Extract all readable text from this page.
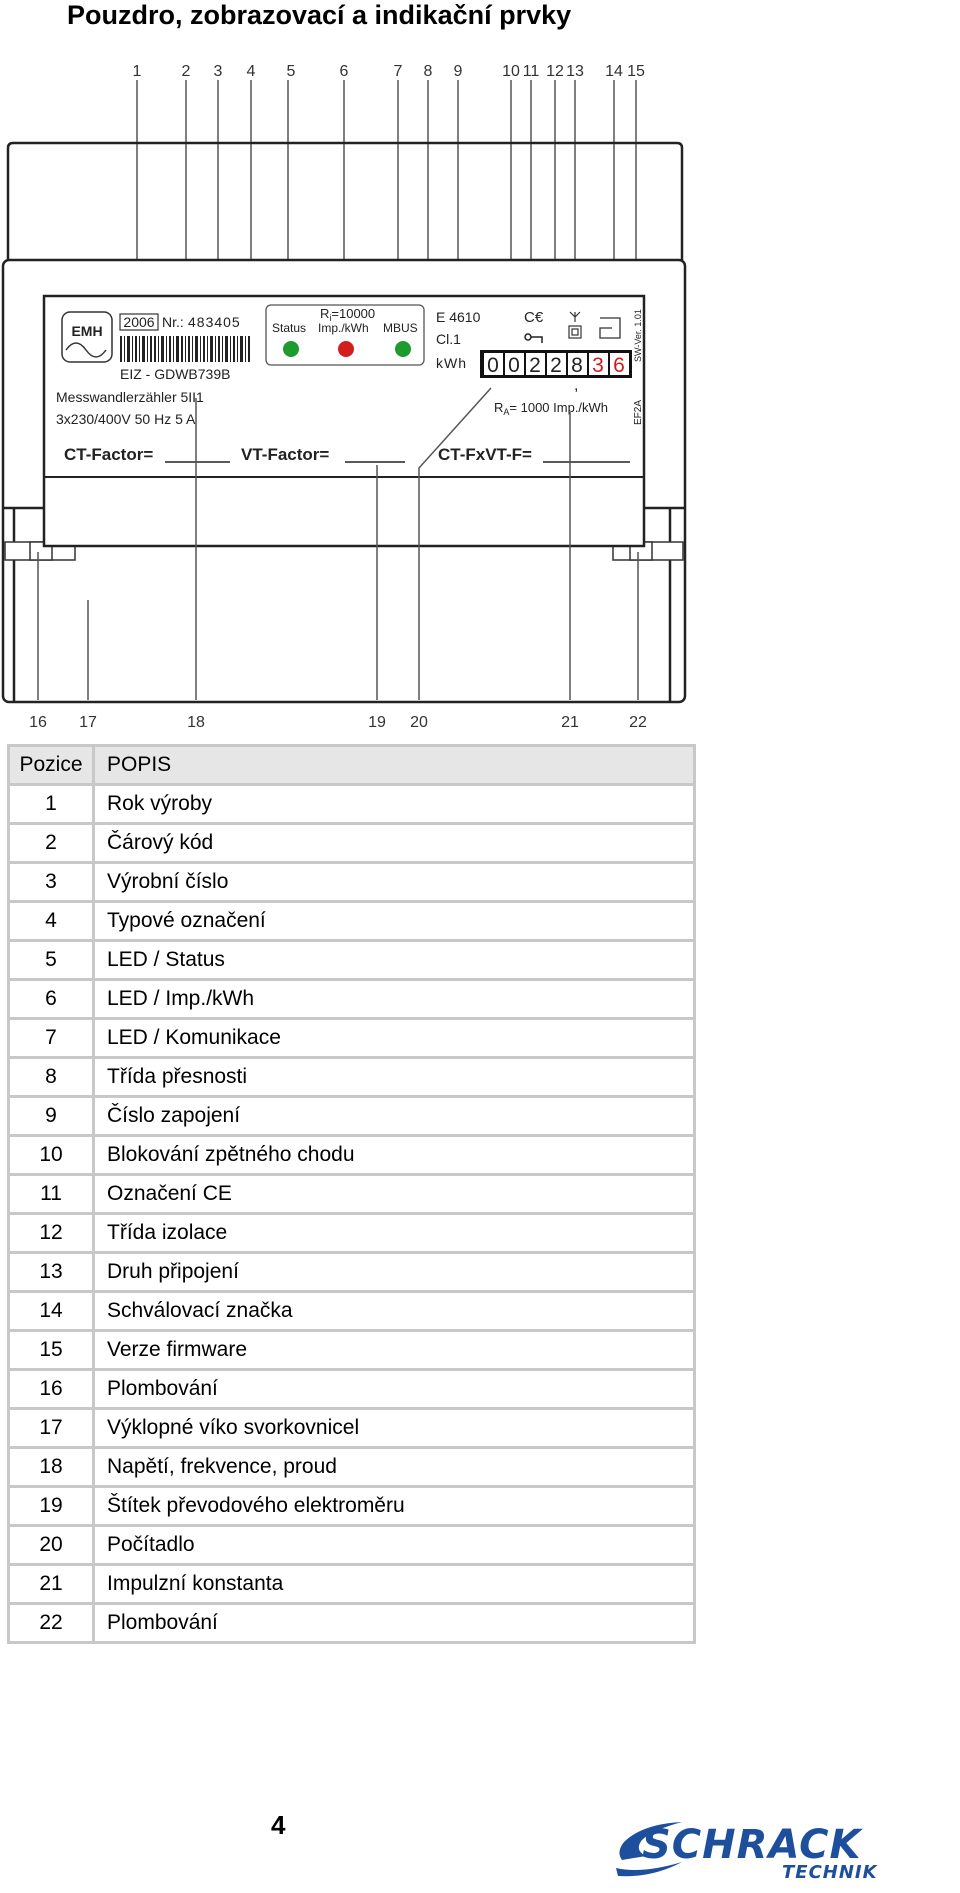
Pouzdro, zobrazovací a indikační prvky
1	2 3 4 5	6	7 8 9 10 11 12 13 14 15
EMH
2006 Nr.: 483405
EIZ - GDWB739B
Messwandlerzähler 5II1
3x230/400V 50 Hz 5 A
$R_i=10000$
Status Imp./kWh MBUS
E 4610
Cl.1
kWh
C€	SW-Ver. 1.01
EF2A
0 0 2 2 8 3 6
,
$R_A= 1000$ Imp./kWh
CT-Factor=	VT-Factor=	CT-FxVT-F=
16 17	18	19 20	21	22
Pozice	POPIS
1	Rok výroby
2	Čárový kód
3	Výrobní číslo
4	Typové označení
5	LED / Status
6	LED / Imp./kWh
7	LED / Komunikace
8	Třída přesnosti
9	Číslo zapojení
10	Blokování zpětného chodu
11	Označení CE
12	Třída izolace
13	Druh připojení
14	Schválovací značka
15	Verze firmware
16	Plombování
17	Výklopné víko svorkovnicel
18	Napětí, frekvence, proud
19	Štítek převodového elektroměru
20	Počítadlo
21	Impulzní konstanta
22	Plombování
4	SCHRACK
TECHNIK
